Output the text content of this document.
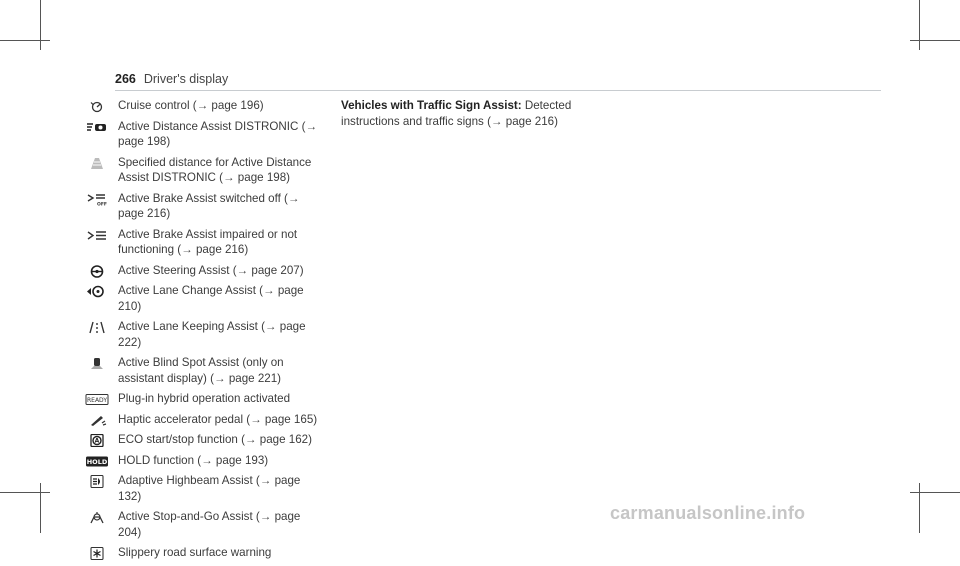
266 Driver's display
Cruise control (→ page 196)
Active Distance Assist DISTRONIC (→ page 198)
Specified distance for Active Distance Assist DISTRONIC (→ page 198)
OFF Active Brake Assist switched off (→ page 216)
Active Brake Assist impaired or not functioning (→ page 216)
Active Steering Assist (→ page 207)
Active Lane Change Assist (→ page 210)
Active Lane Keeping Assist (→ page 222)
Active Blind Spot Assist (only on assistant display) (→ page 221)
READY Plug-in hybrid operation activated
Haptic accelerator pedal (→ page 165)
A ECO start/stop function (→ page 162)
HOLD HOLD function (→ page 193)
Adaptive Highbeam Assist (→ page 132)
Active Stop-and-Go Assist (→ page 204)
Slippery road surface warning
Vehicles with Traffic Sign Assist: Detected instructions and traffic signs (→ page 216)
carmanualsonline.info
